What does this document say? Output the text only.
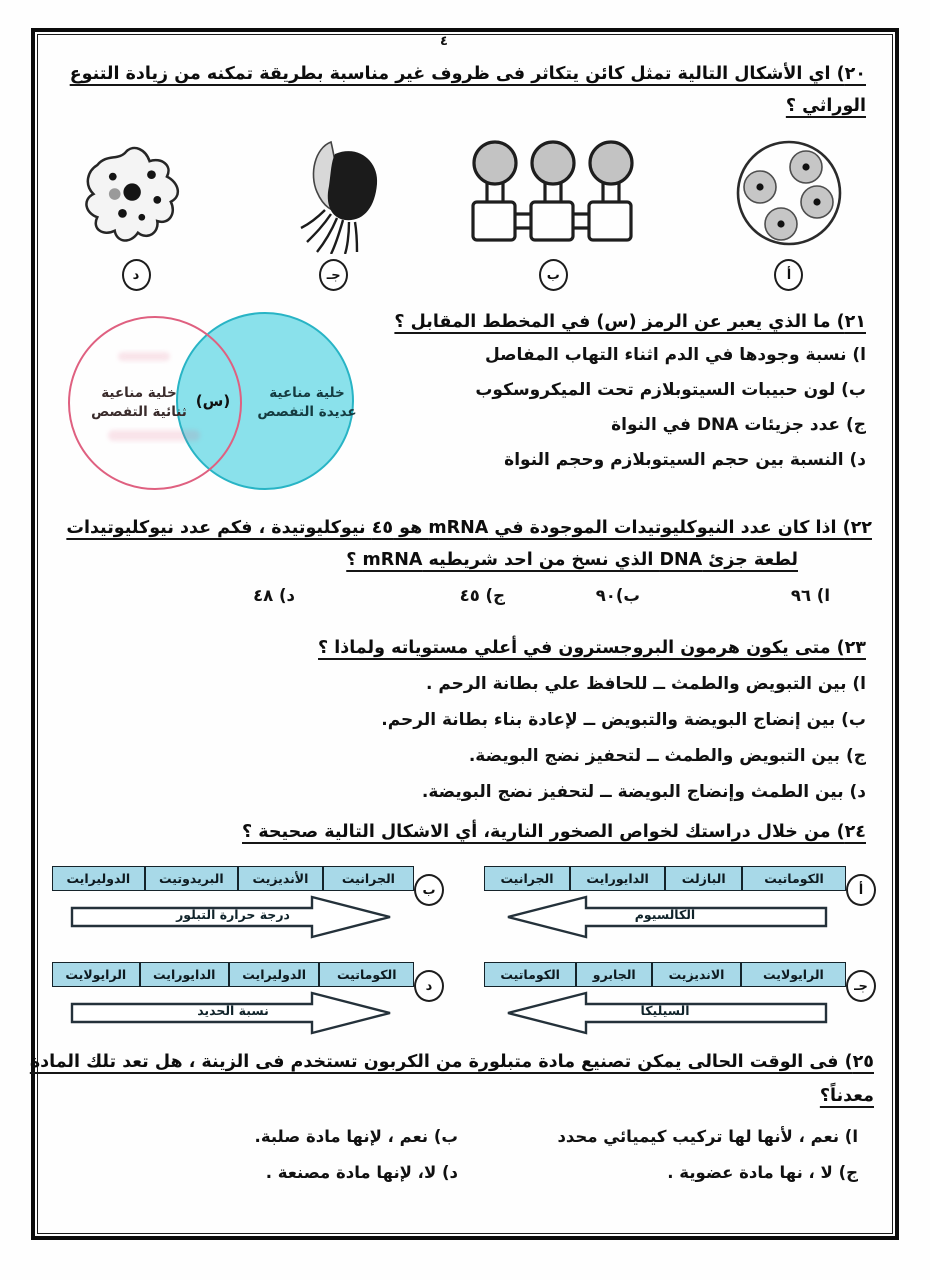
٤
٢٠) اي الأشكال التالية تمثل كائن يتكاثر فى ظروف غير مناسبة بطريقة تمكنه من زيادة التنوع
الوراثي ؟
أ
ب
جـ
د
٢١) ما الذي يعبر عن الرمز (س) في المخطط المقابل ؟
ا) نسبة وجودها في الدم اثناء التهاب المفاصل
ب) لون حبيبات السيتوبلازم تحت الميكروسكوب
ج) عدد جزيئات DNA في النواة
د) النسبة بين حجم السيتوبلازم وحجم النواة
خلية مناعية
ثنائية التفصص
خلية مناعية
عديدة التفصص
(س)
٢٢) اذا كان عدد النيوكليوتيدات الموجودة في mRNA هو ٤٥ نيوكليوتيدة ، فكم عدد نيوكليوتيدات
لطعة جزئ DNA الذي نسخ من احد شريطيه mRNA ؟
ا) ٩٦
ب)٩٠
ج) ٤٥
د) ٤٨
٢٣) متى يكون هرمون البروجسترون في أعلي مستوياته ولماذا ؟
ا) بين التبويض والطمث ــ للحافظ علي بطانة الرحم .
ب) بين إنضاج البويضة والتبويض ــ لإعادة بناء بطانة الرحم.
ج) بين التبويض والطمث ــ لتحفيز نضج البويضة.
د) بين الطمث وإنضاج البويضة ــ لتحفيز نضج البويضة.
٢٤) من خلال دراستك لخواص الصخور النارية، أي الاشكال التالية صحيحة ؟
الكوماتيت
البازلت
الدايورايت
الجرانيت
الكالسيوم
أ
الجرانيت
الأنديزيت
البريدوتيت
الدوليرايت
درجة حرارة التبلور
ب
الرايولايت
الانديزيت
الجابرو
الكوماتيت
السيليكا
جـ
الكوماتيت
الدوليرايت
الدايورايت
الرايولايت
نسبة الحديد
د
٢٥) فى الوقت الحالى يمكن تصنيع مادة متبلورة من الكربون تستخدم فى الزينة ، هل تعد تلك المادة
معدناً؟
ا) نعم ، لأنها لها تركيب كيميائي محدد
ب) نعم ، لإنها مادة صلبة.
ج) لا ، نها مادة عضوية .
د) لا، لإنها مادة مصنعة .
